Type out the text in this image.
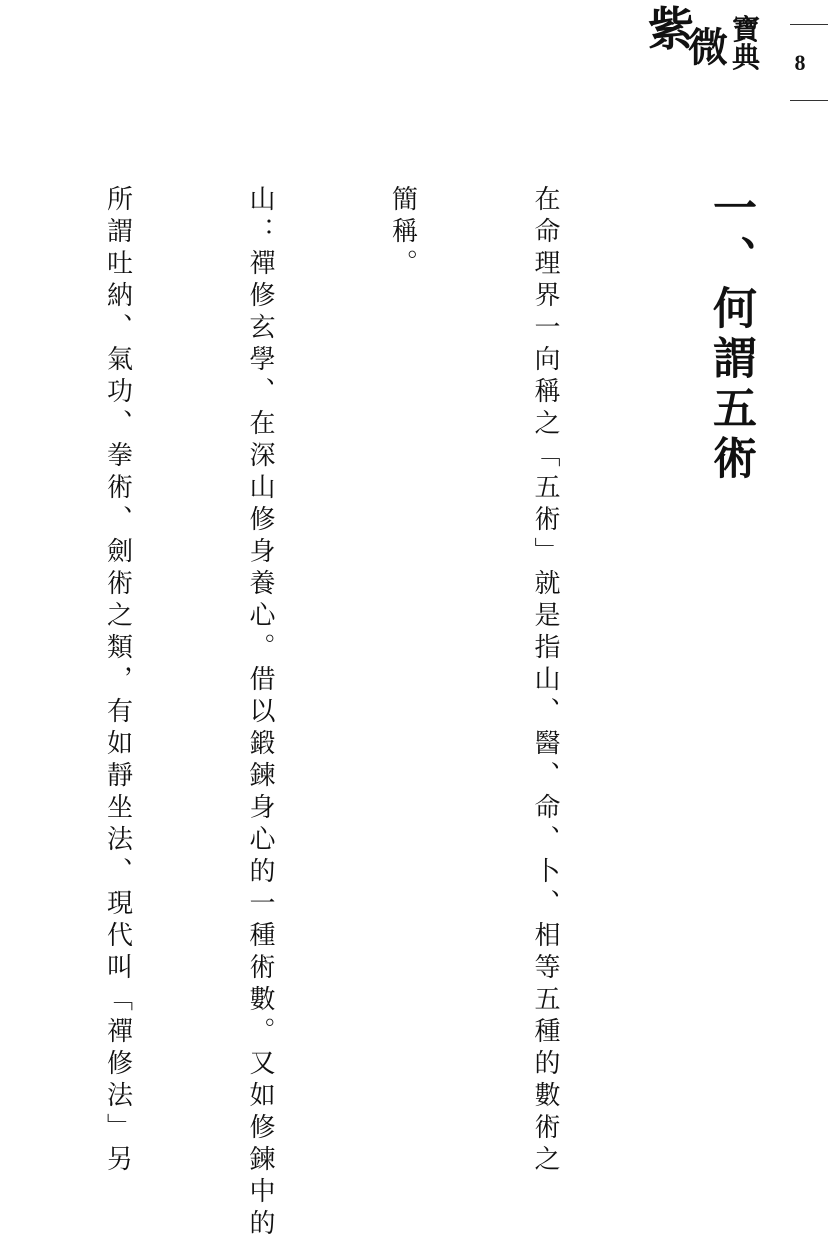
紫
微 寶典	8
一、何謂五術

在命理界一向稱之「五術」就是指山、醫、命、卜、相等五種的數術之

簡稱。

山：禪修玄學、在深山修身養心。借以鍛鍊身心的一種術數。又如修鍊中的

所謂吐納、氣功、拳術、劍術之類，有如靜坐法、現代叫「禪修法」另
